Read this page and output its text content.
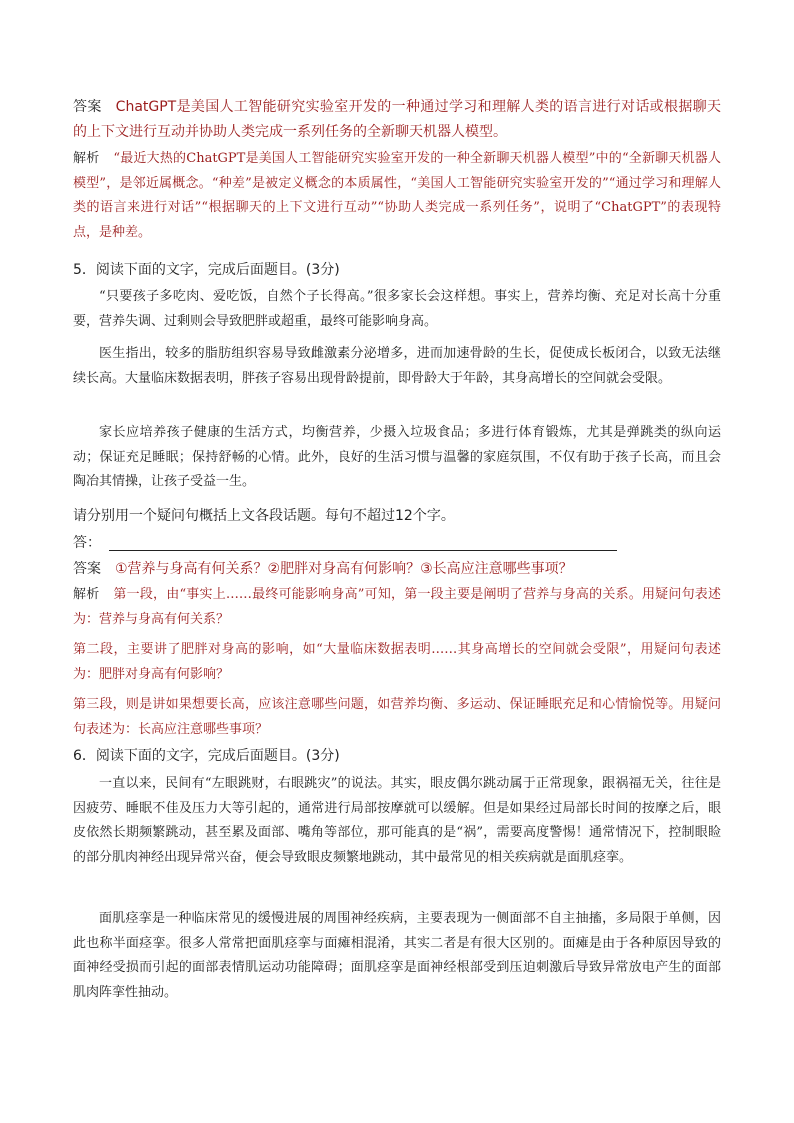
答案 ChatGPT是美国人工智能研究实验室开发的一种通过学习和理解人类的语言进行对话或根据聊天的上下文进行互动并协助人类完成一系列任务的全新聊天机器人模型。

解析 “最近大热的ChatGPT是美国人工智能研究实验室开发的一种全新聊天机器人模型”中的“全新聊天机器人模型”，是邻近属概念。“种差”是被定义概念的本质属性，“美国人工智能研究实验室开发的”“通过学习和理解人类的语言来进行对话”“根据聊天的上下文进行互动”“协助人类完成一系列任务”，说明了“ChatGPT”的表现特点，是种差。

5．阅读下面的文字，完成后面题目。(3分)

“只要孩子多吃肉、爱吃饭，自然个子长得高。”很多家长会这样想。事实上，营养均衡、充足对长高十分重要，营养失调、过剩则会导致肥胖或超重，最终可能影响身高。

医生指出，较多的脂肪组织容易导致雌激素分泌增多，进而加速骨龄的生长，促使成长板闭合，以致无法继续长高。大量临床数据表明，胖孩子容易出现骨龄提前，即骨龄大于年龄，其身高增长的空间就会受限。

家长应培养孩子健康的生活方式，均衡营养，少摄入垃圾食品；多进行体育锻炼，尤其是弹跳类的纵向运动；保证充足睡眠；保持舒畅的心情。此外，良好的生活习惯与温馨的家庭氛围，不仅有助于孩子长高，而且会陶冶其情操，让孩子受益一生。

请分别用一个疑问句概括上文各段话题。每句不超过12个字。

答：

答案 ①营养与身高有何关系？②肥胖对身高有何影响？③长高应注意哪些事项？

解析 第一段，由“事实上……最终可能影响身高”可知，第一段主要是阐明了营养与身高的关系。用疑问句表述为：营养与身高有何关系？

第二段，主要讲了肥胖对身高的影响，如“大量临床数据表明……其身高增长的空间就会受限”，用疑问句表述为：肥胖对身高有何影响？

第三段，则是讲如果想要长高，应该注意哪些问题，如营养均衡、多运动、保证睡眠充足和心情愉悦等。用疑问句表述为：长高应注意哪些事项？

6．阅读下面的文字，完成后面题目。(3分)

一直以来，民间有“左眼跳财，右眼跳灾”的说法。其实，眼皮偶尔跳动属于正常现象，跟祸福无关，往往是因疲劳、睡眠不佳及压力大等引起的，通常进行局部按摩就可以缓解。但是如果经过局部长时间的按摩之后，眼皮依然长期频繁跳动，甚至累及面部、嘴角等部位，那可能真的是“祸”，需要高度警惕！通常情况下，控制眼睑的部分肌肉神经出现异常兴奋，便会导致眼皮频繁地跳动，其中最常见的相关疾病就是面肌痉挛。

面肌痉挛是一种临床常见的缓慢进展的周围神经疾病，主要表现为一侧面部不自主抽搐，多局限于单侧，因此也称半面痉挛。很多人常常把面肌痉挛与面瘫相混淆，其实二者是有很大区别的。面瘫是由于各种原因导致的面神经受损而引起的面部表情肌运动功能障碍；面肌痉挛是面神经根部受到压迫刺激后导致异常放电产生的面部肌肉阵挛性抽动。
